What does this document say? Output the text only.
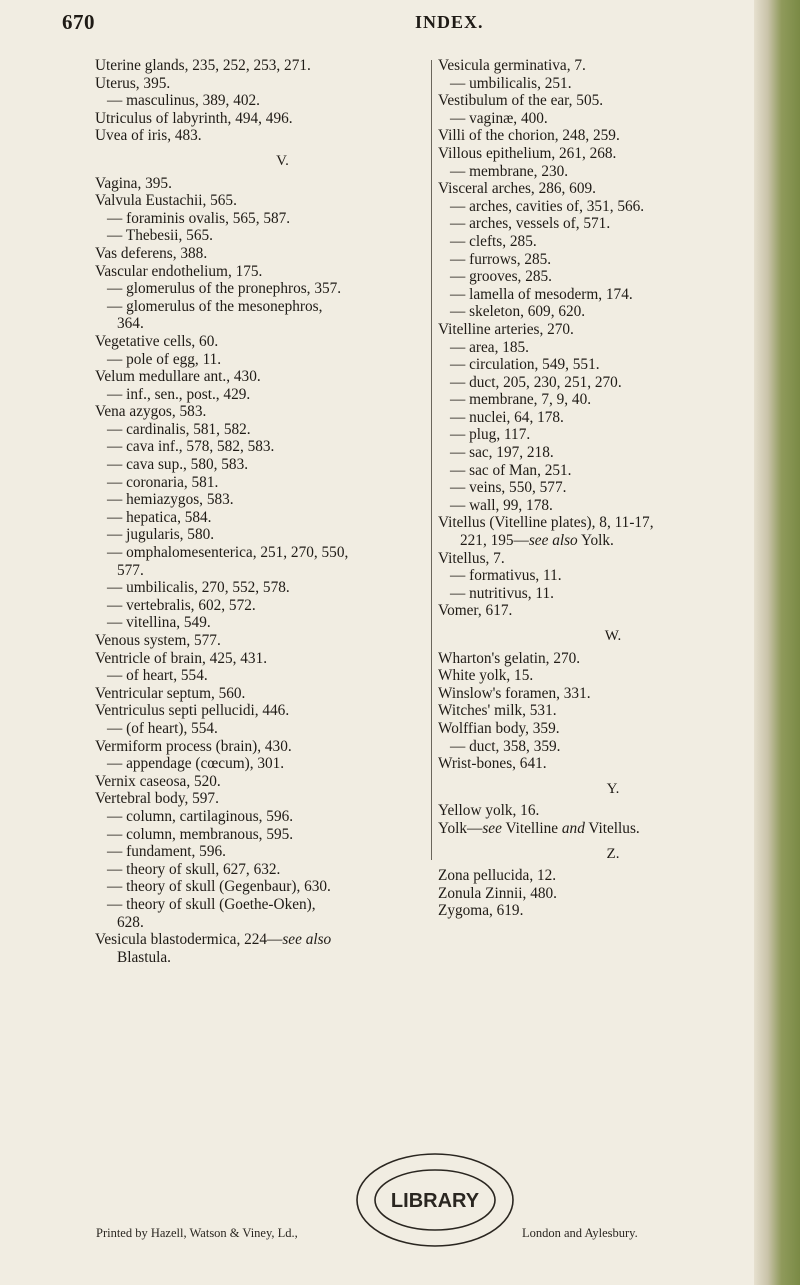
670	INDEX.
Uterine glands, 235, 252, 253, 271.
Uterus, 395.
— masculinus, 389, 402.
Utriculus of labyrinth, 494, 496.
Uvea of iris, 483.
V.
Vagina, 395.
Valvula Eustachii, 565.
— foraminis ovalis, 565, 587.
— Thebesii, 565.
Vas deferens, 388.
Vascular endothelium, 175.
— glomerulus of the pronephros, 357.
— glomerulus of the mesonephros,
364.
Vegetative cells, 60.
— pole of egg, 11.
Velum medullare ant., 430.
— inf., sen., post., 429.
Vena azygos, 583.
— cardinalis, 581, 582.
— cava inf., 578, 582, 583.
— cava sup., 580, 583.
— coronaria, 581.
— hemiazygos, 583.
— hepatica, 584.
— jugularis, 580.
— omphalomesenterica, 251, 270, 550,
577.
— umbilicalis, 270, 552, 578.
— vertebralis, 602, 572.
— vitellina, 549.
Venous system, 577.
Ventricle of brain, 425, 431.
— of heart, 554.
Ventricular septum, 560.
Ventriculus septi pellucidi, 446.
— (of heart), 554.
Vermiform process (brain), 430.
— appendage (cœcum), 301.
Vernix caseosa, 520.
Vertebral body, 597.
— column, cartilaginous, 596.
— column, membranous, 595.
— fundament, 596.
— theory of skull, 627, 632.
— theory of skull (Gegenbaur), 630.
— theory of skull (Goethe-Oken),
628.
Vesicula blastodermica, 224—see also
Blastula.
Vesicula germinativa, 7.
— umbilicalis, 251.
Vestibulum of the ear, 505.
— vaginæ, 400.
Villi of the chorion, 248, 259.
Villous epithelium, 261, 268.
— membrane, 230.
Visceral arches, 286, 609.
— arches, cavities of, 351, 566.
— arches, vessels of, 571.
— clefts, 285.
— furrows, 285.
— grooves, 285.
— lamella of mesoderm, 174.
— skeleton, 609, 620.
Vitelline arteries, 270.
— area, 185.
— circulation, 549, 551.
— duct, 205, 230, 251, 270.
— membrane, 7, 9, 40.
— nuclei, 64, 178.
— plug, 117.
— sac, 197, 218.
— sac of Man, 251.
— veins, 550, 577.
— wall, 99, 178.
Vitellus (Vitelline plates), 8, 11-17,
221, 195—see also Yolk.
Vitellus, 7.
— formativus, 11.
— nutritivus, 11.
Vomer, 617.
W.
Wharton's gelatin, 270.
White yolk, 15.
Winslow's foramen, 331.
Witches' milk, 531.
Wolffian body, 359.
— duct, 358, 359.
Wrist-bones, 641.
Y.
Yellow yolk, 16.
Yolk—see Vitelline and Vitellus.
Z.
Zona pellucida, 12.
Zonula Zinnii, 480.
Zygoma, 619.
LIBRARY
Printed by Hazell, Watson & Viney, Ld.,	London and Aylesbury.
